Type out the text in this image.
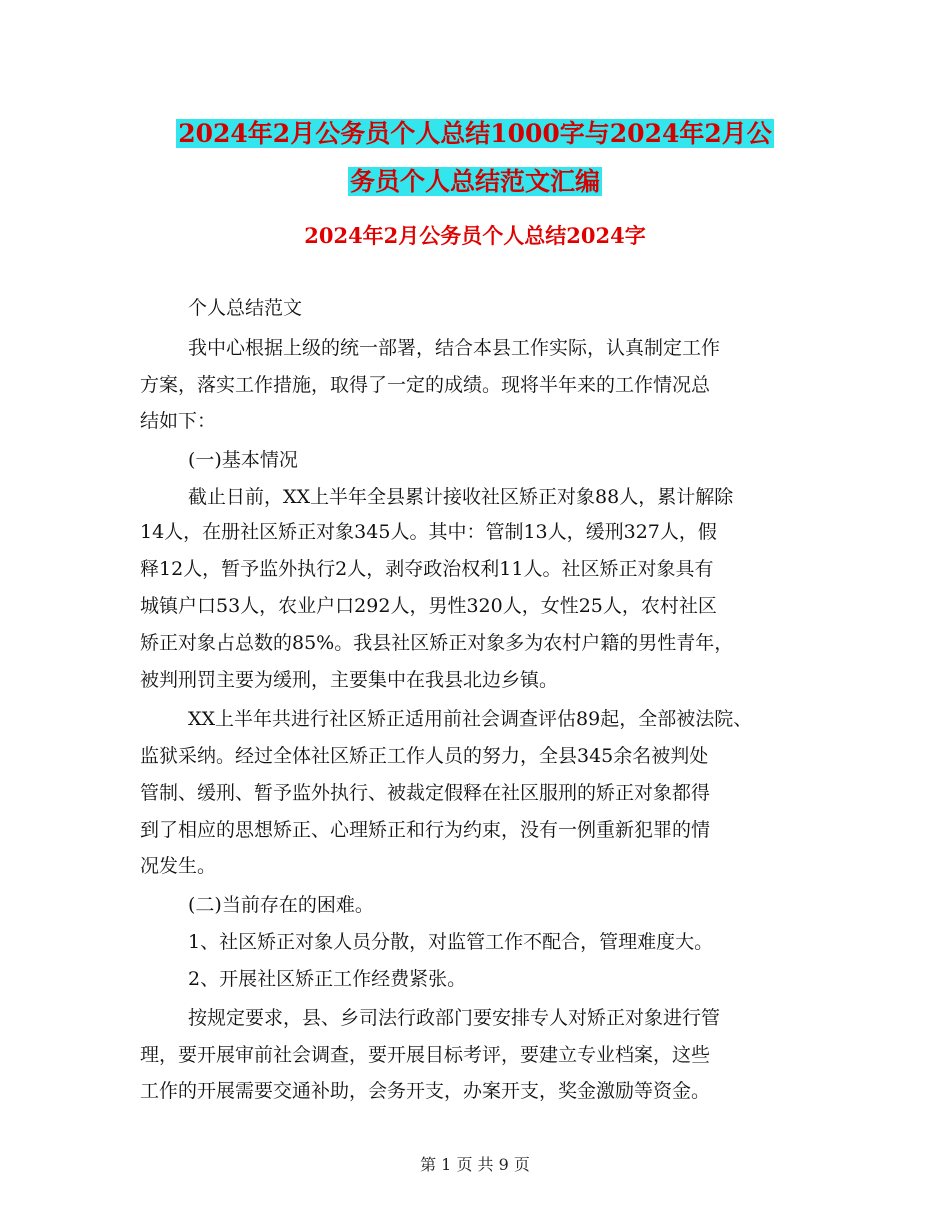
2024年2月公务员个人总结1000字与2024年2月公
务员个人总结范文汇编
2024年2月公务员个人总结2024字
个人总结范文
我中心根据上级的统一部署，结合本县工作实际，认真制定工作
方案，落实工作措施，取得了一定的成绩。现将半年来的工作情况总
结如下：
(一)基本情况
截止日前，XX上半年全县累计接收社区矫正对象88人，累计解除
14人，在册社区矫正对象345人。其中：管制13人，缓刑327人，假
释12人，暂予监外执行2人，剥夺政治权利11人。社区矫正对象具有
城镇户口53人，农业户口292人，男性320人，女性25人，农村社区
矫正对象占总数的85%。我县社区矫正对象多为农村户籍的男性青年，
被判刑罚主要为缓刑，主要集中在我县北边乡镇。
XX上半年共进行社区矫正适用前社会调查评估89起，全部被法院、
监狱采纳。经过全体社区矫正工作人员的努力，全县345余名被判处
管制、缓刑、暂予监外执行、被裁定假释在社区服刑的矫正对象都得
到了相应的思想矫正、心理矫正和行为约束，没有一例重新犯罪的情
况发生。
(二)当前存在的困难。
1、社区矫正对象人员分散，对监管工作不配合，管理难度大。
2、开展社区矫正工作经费紧张。
按规定要求，县、乡司法行政部门要安排专人对矫正对象进行管
理，要开展审前社会调查，要开展目标考评，要建立专业档案，这些
工作的开展需要交通补助，会务开支，办案开支，奖金激励等资金。
第 1 页 共 9 页
